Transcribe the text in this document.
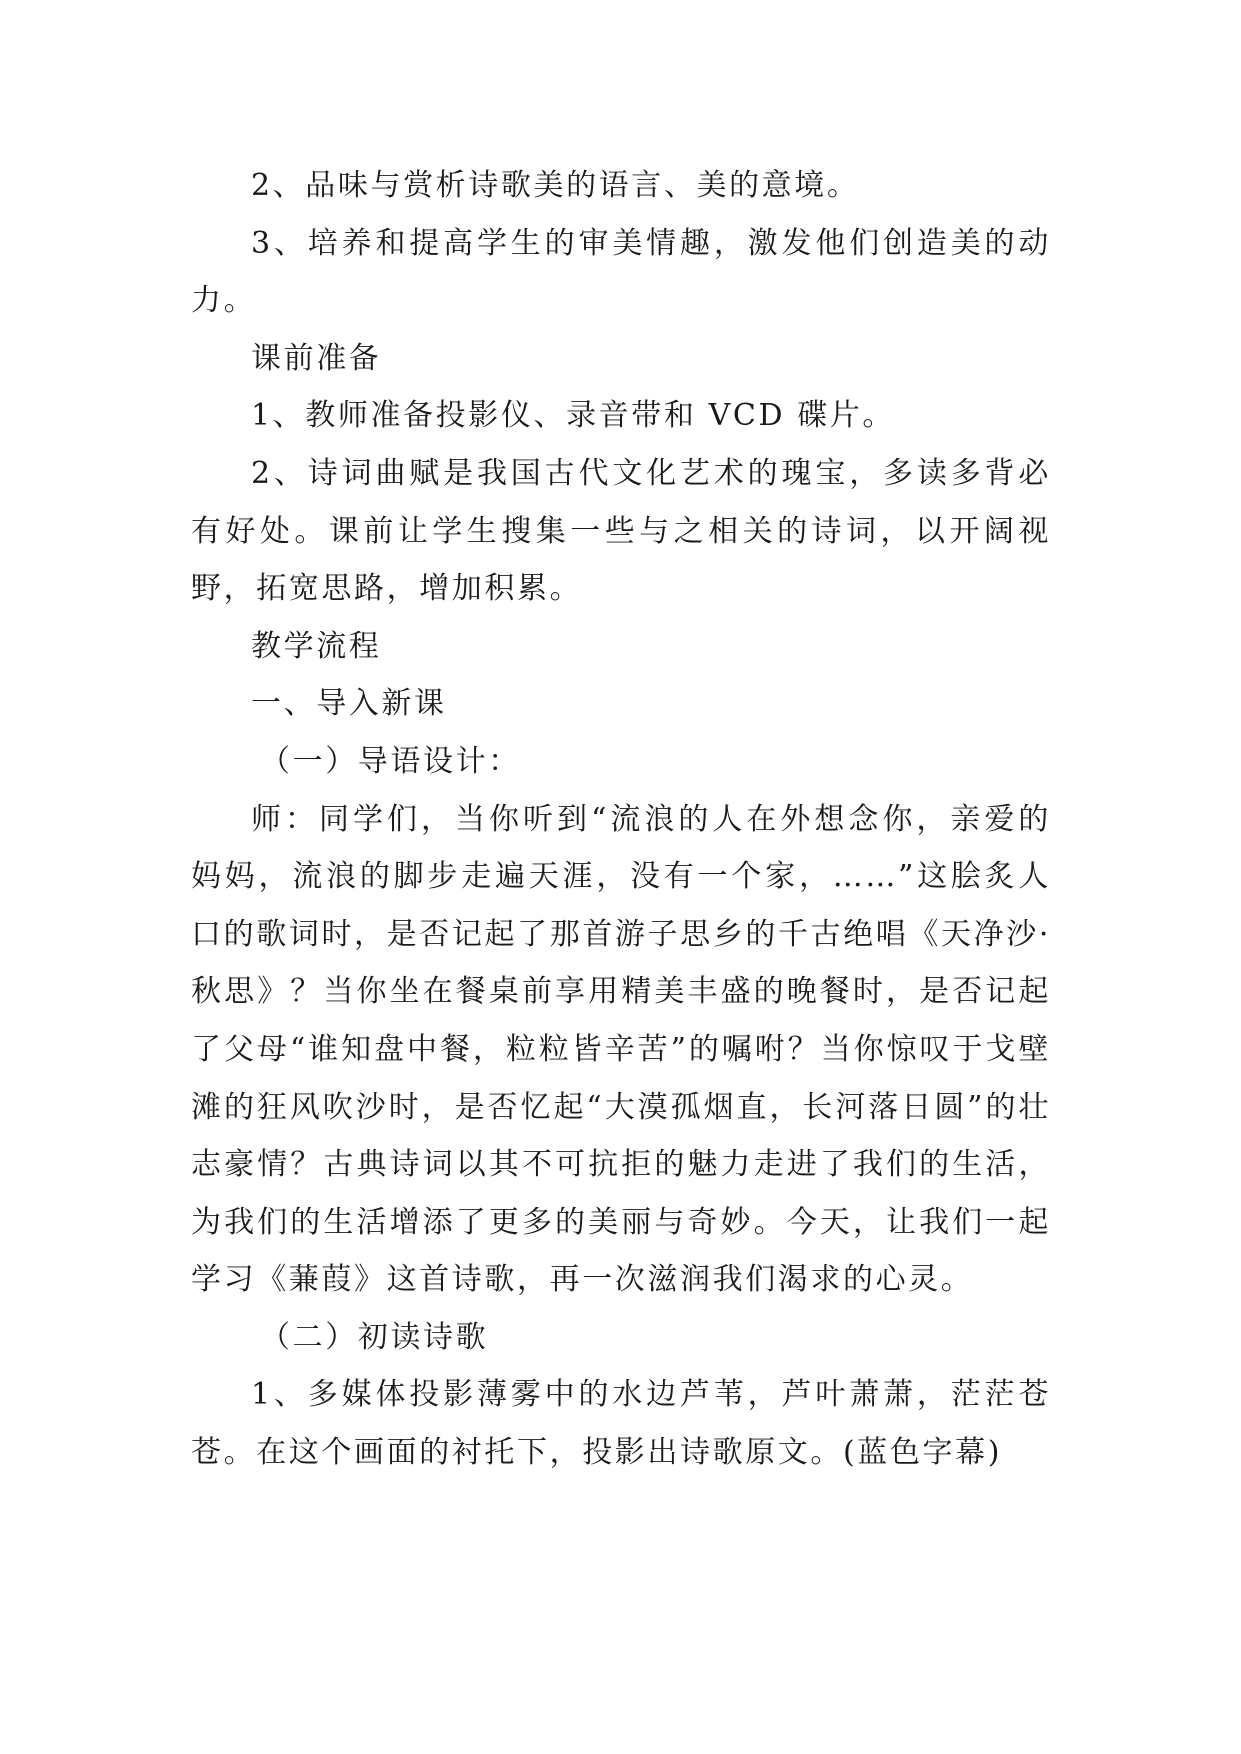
2、品味与赏析诗歌美的语言、美的意境。

3、培养和提高学生的审美情趣，激发他们创造美的动力。

课前准备

1、教师准备投影仪、录音带和 VCD 碟片。

2、诗词曲赋是我国古代文化艺术的瑰宝，多读多背必有好处。课前让学生搜集一些与之相关的诗词，以开阔视野，拓宽思路，增加积累。

教学流程

一、导入新课

（一）导语设计：

师：同学们，当你听到“流浪的人在外想念你，亲爱的妈妈，流浪的脚步走遍天涯，没有一个家，……”这脍炙人口的歌词时，是否记起了那首游子思乡的千古绝唱《天净沙·秋思》？当你坐在餐桌前享用精美丰盛的晚餐时，是否记起了父母“谁知盘中餐，粒粒皆辛苦”的嘱咐？当你惊叹于戈壁滩的狂风吹沙时，是否忆起“大漠孤烟直，长河落日圆”的壮志豪情？古典诗词以其不可抗拒的魅力走进了我们的生活，为我们的生活增添了更多的美丽与奇妙。今天，让我们一起学习《蒹葭》这首诗歌，再一次滋润我们渴求的心灵。

（二）初读诗歌

1、多媒体投影薄雾中的水边芦苇，芦叶萧萧，茫茫苍苍。在这个画面的衬托下，投影出诗歌原文。(蓝色字幕)
